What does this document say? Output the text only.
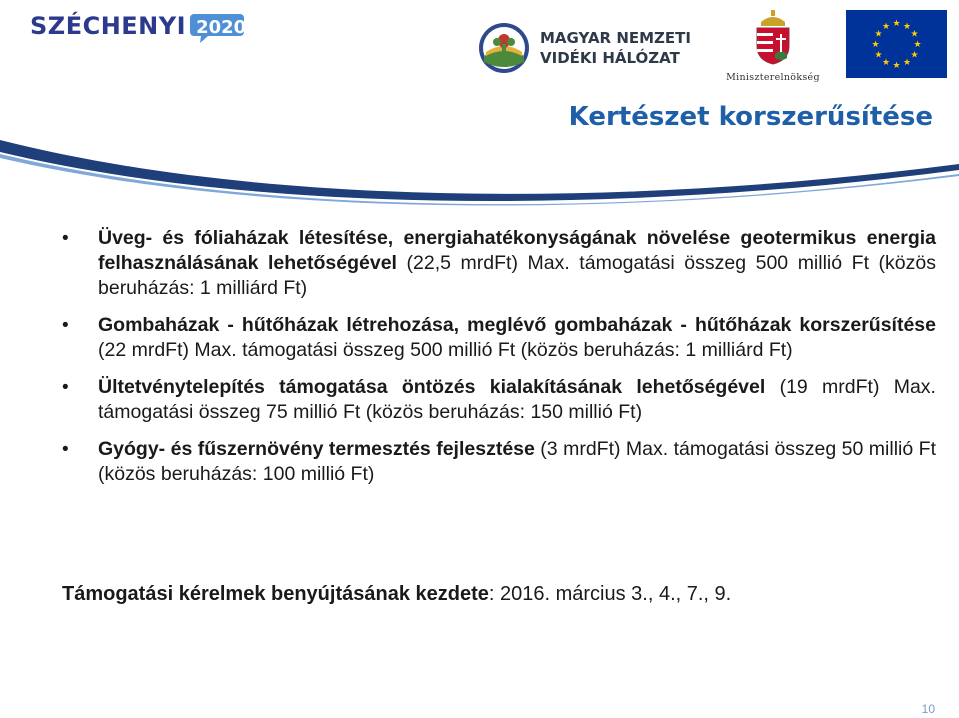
SZÉCHENYI 2020	MAGYAR NEMZETI
VIDÉKI HÁLÓZAT
Miniszterelnökség
★ ★
★
★
★
★
★
★
★
★
★
★
Kertészet korszerűsítése
• Üveg- és fóliaházak létesítése, energiahatékonyságának növelése geotermikus energia felhasználásának lehetőségével (22,5 mrdFt) Max. támogatási összeg 500 millió Ft (közös beruházás: 1 milliárd Ft)
• Gombaházak - hűtőházak létrehozása, meglévő gombaházak - hűtőházak korszerűsítése (22 mrdFt) Max. támogatási összeg 500 millió Ft (közös beruházás: 1 milliárd Ft)
• Ültetvénytelepítés támogatása öntözés kialakításának lehetőségével (19 mrdFt) Max. támogatási összeg 75 millió Ft (közös beruházás: 150 millió Ft)
• Gyógy- és fűszernövény termesztés fejlesztése (3 mrdFt) Max. támogatási összeg 50 millió Ft (közös beruházás: 100 millió Ft)
Támogatási kérelmek benyújtásának kezdete: 2016. március 3., 4., 7., 9.
10
